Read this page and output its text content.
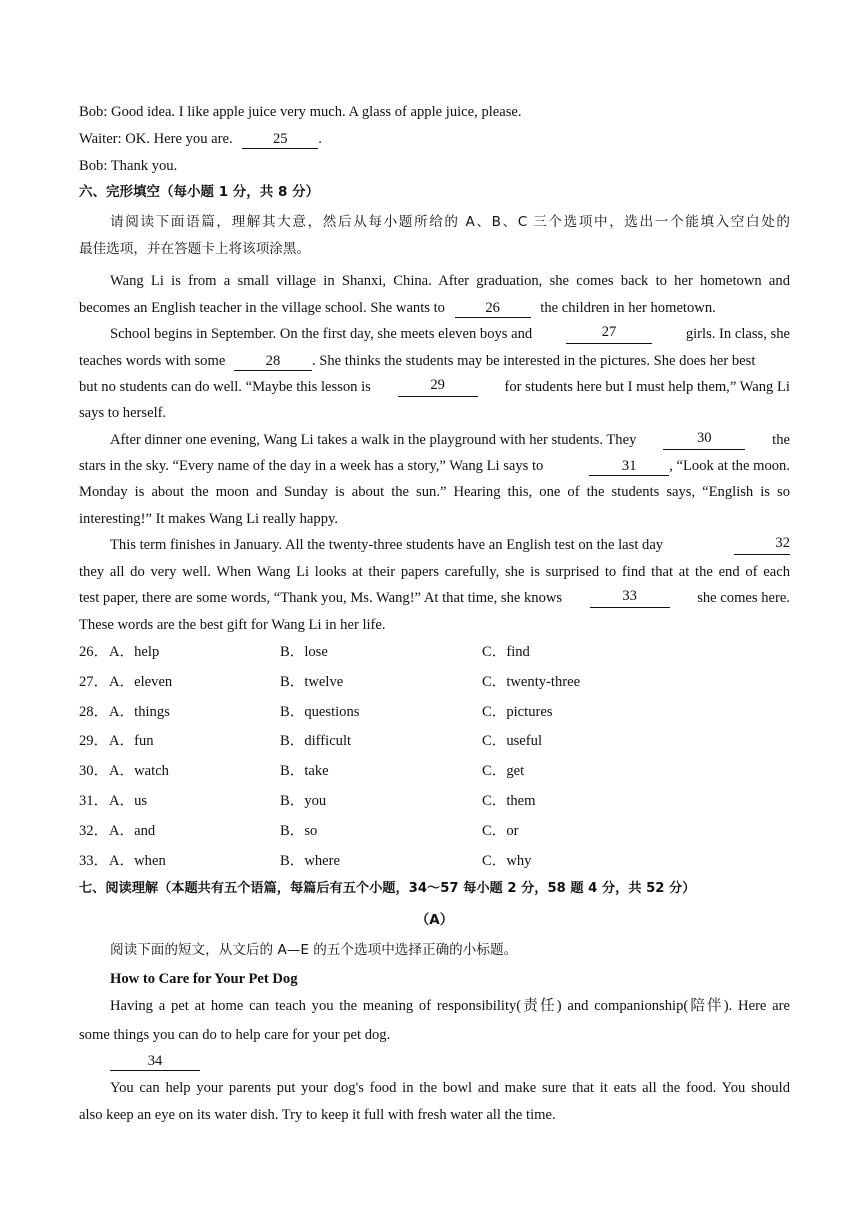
Bob: Good idea. I like apple juice very much. A glass of apple juice, please.
Waiter: OK. Here you are.	25 .
Bob: Thank you.
六、完形填空（每小题 1 分，共 8 分）
请阅读下面语篇，理解其大意，然后从每小题所给的 A、B、C 三个选项中，选出一个能填入空白处的
最佳选项，并在答题卡上将该项涂黑。
Wang Li is from a small village in Shanxi, China. After graduation, she comes back to her hometown and
becomes an English teacher in the village school. She wants to	26	the children in her hometown.
School begins in September. On the first day, she meets eleven boys and	27	girls. In class, she
teaches words with some	28 . She thinks the students may be interested in the pictures. She does her best
but no students can do well. “Maybe this lesson is	29	for students here but I must help them,” Wang Li
says to herself.
After dinner one evening, Wang Li takes a walk in the playground with her students. They	30	the
stars in the sky. “Every name of the day in a week has a story,” Wang Li says to	31 , “Look at the moon.
Monday is about the moon and Sunday is about the sun.” Hearing this, one of the students says, “English is so
interesting!” It makes Wang Li really happy.
This term finishes in January. All the twenty-three students have an English test on the last day	32
they all do very well. When Wang Li looks at their papers carefully, she is surprised to find that at the end of each
test paper, there are some words, “Thank you, Ms. Wang!” At that time, she knows	33	she comes here.
These words are the best gift for Wang Li in her life.
26． A．help	B．lose	C．find
27． A．eleven	B．twelve	C．twenty-three
28． A．things	B．questions	C．pictures
29． A．fun	B．difficult	C．useful
30． A．watch	B．take	C．get
31． A．us	B．you	C．them
32． A．and	B．so	C．or
33． A．when	B．where	C．why
七、阅读理解（本题共有五个语篇，每篇后有五个小题，34～57 每小题 2 分，58 题 4 分，共 52 分）
（A）
阅读下面的短文，从文后的 A—E 的五个选项中选择正确的小标题。
How to Care for Your Pet Dog
Having a pet at home can teach you the meaning of responsibility(责任) and companionship(陪伴). Here are
some things you can do to help care for your pet dog.
34
You can help your parents put your dog's food in the bowl and make sure that it eats all the food. You should
also keep an eye on its water dish. Try to keep it full with fresh water all the time.
